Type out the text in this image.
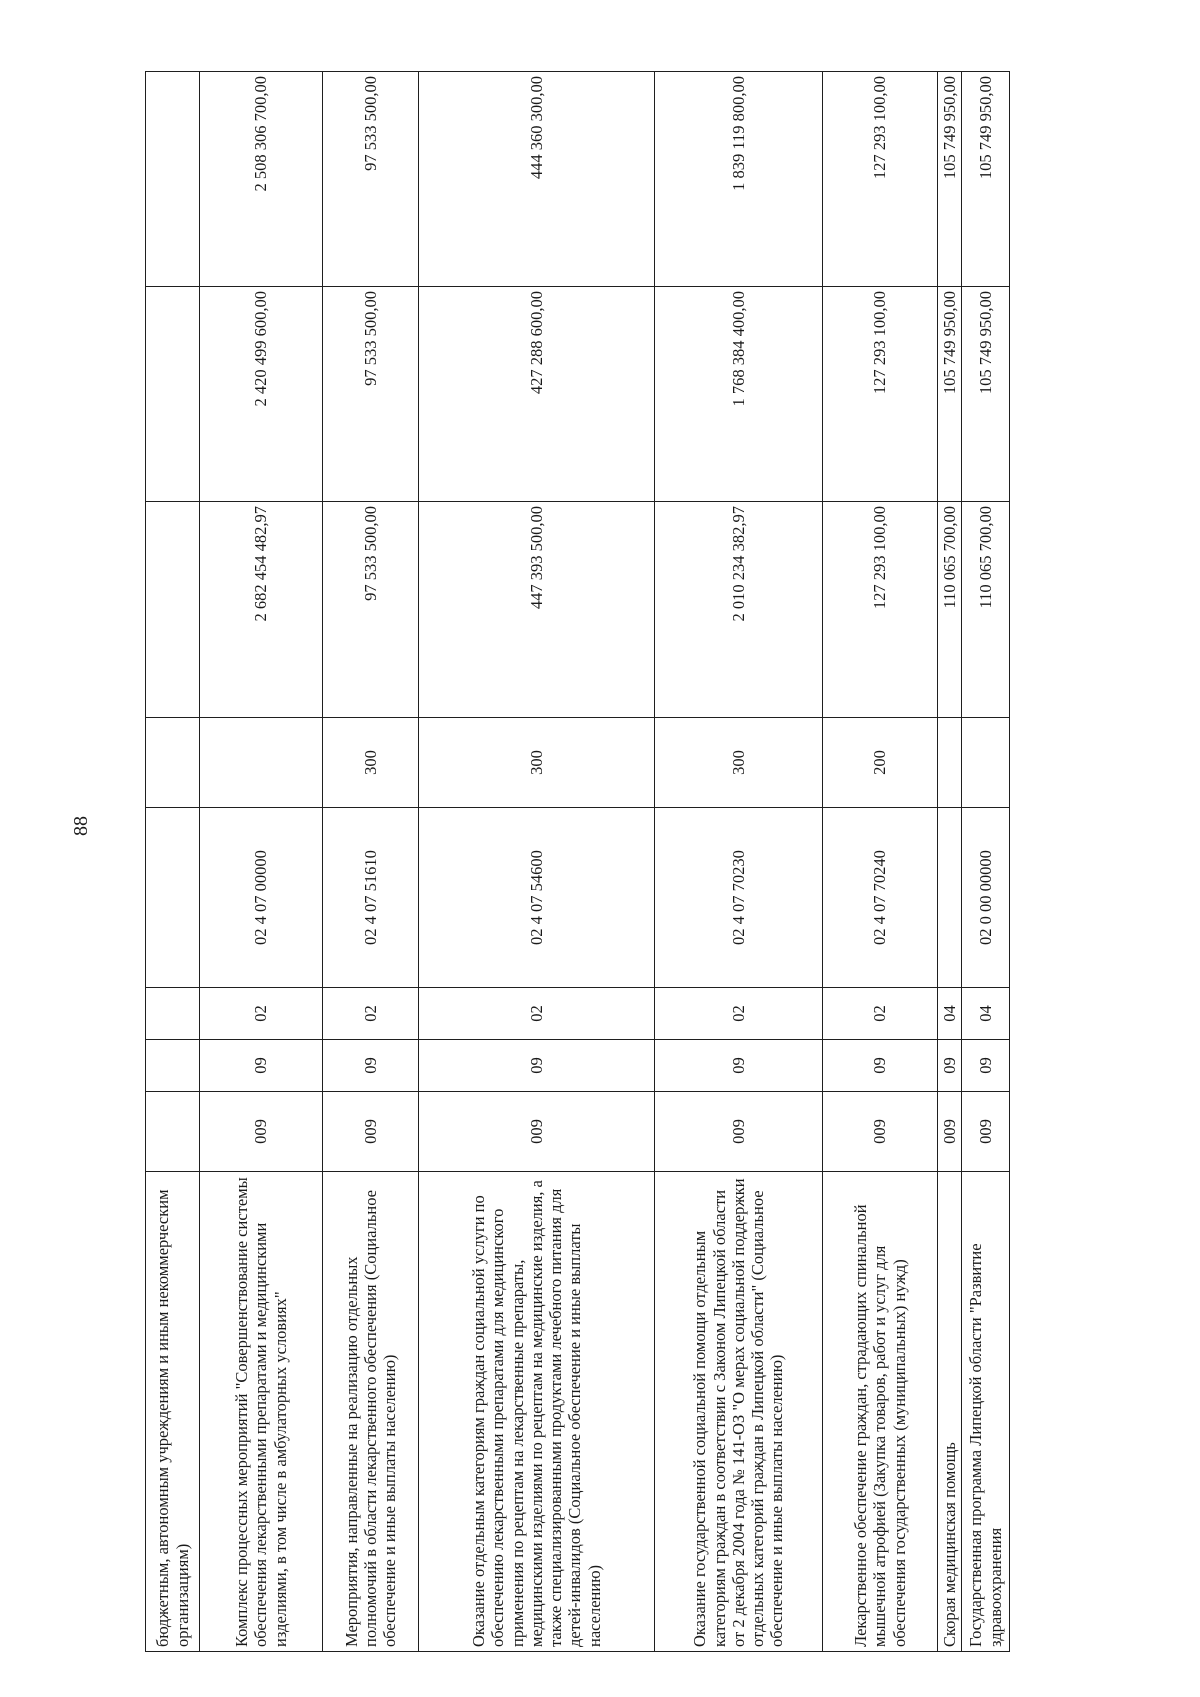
88
бюджетным, автономным учреждениям и иным некоммерческим организациям)								
Комплекс процессных мероприятий "Совершенствование системы обеспечения лекарственными препаратами и медицинскими изделиями, в том числе в амбулаторных условиях"	009	09	02	02 4 07 00000		2 682 454 482,97	2 420 499 600,00	2 508 306 700,00
Мероприятия, направленные на реализацию отдельных полномочий в области лекарственного обеспечения (Социальное обеспечение и иные выплаты населению)	009	09	02	02 4 07 51610	300	97 533 500,00	97 533 500,00	97 533 500,00
Оказание отдельным категориям граждан социальной услуги по обеспечению лекарственными препаратами для медицинского применения по рецептам на лекарственные препараты, медицинскими изделиями по рецептам на медицинские изделия, а также специализированными продуктами лечебного питания для детей-инвалидов (Социальное обеспечение и иные выплаты населению)	009	09	02	02 4 07 54600	300	447 393 500,00	427 288 600,00	444 360 300,00
Оказание государственной социальной помощи отдельным категориям граждан в соответствии с Законом Липецкой области от 2 декабря 2004 года № 141-ОЗ "О мерах социальной поддержки отдельных категорий граждан в Липецкой области" (Социальное обеспечение и иные выплаты населению)	009	09	02	02 4 07 70230	300	2 010 234 382,97	1 768 384 400,00	1 839 119 800,00
Лекарственное обеспечение граждан, страдающих спинальной мышечной атрофией (Закупка товаров, работ и услуг для обеспечения государственных (муниципальных) нужд)	009	09	02	02 4 07 70240	200	127 293 100,00	127 293 100,00	127 293 100,00
Скорая медицинская помощь	009	09	04			110 065 700,00	105 749 950,00	105 749 950,00
Государственная программа Липецкой области "Развитие здравоохранения	009	09	04	02 0 00 00000		110 065 700,00	105 749 950,00	105 749 950,00
